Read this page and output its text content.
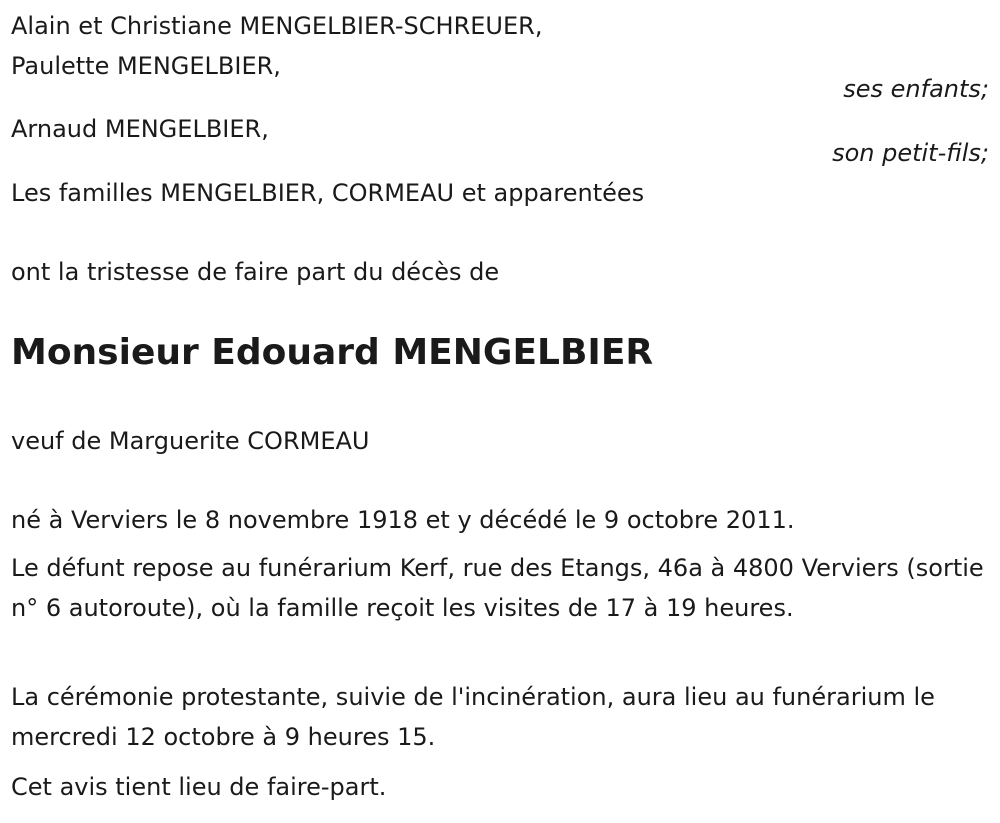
Alain et Christiane MENGELBIER-SCHREUER,
Paulette MENGELBIER,
ses enfants;
Arnaud MENGELBIER,
son petit-fils;
Les familles MENGELBIER, CORMEAU et apparentées
ont la tristesse de faire part du décès de
Monsieur Edouard MENGELBIER
veuf de Marguerite CORMEAU
né à Verviers le 8 novembre 1918 et y décédé le 9 octobre 2011.
Le défunt repose au funérarium Kerf, rue des Etangs, 46a à 4800 Verviers (sortie n° 6 autoroute), où la famille reçoit les visites de 17 à 19 heures.
La cérémonie protestante, suivie de l'incinération, aura lieu au funérarium le mercredi 12 octobre à 9 heures 15.
Cet avis tient lieu de faire-part.
